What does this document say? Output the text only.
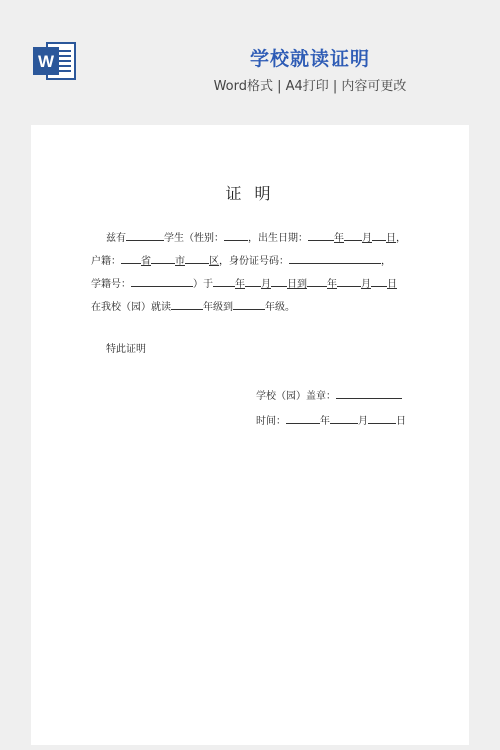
W	学校就读证明
Word格式 | A4打印 | 内容可更改
证 明
兹有	学生（性别： ，出生日期：	年 月 日，
户籍： 省 市 区，身份证号码：	，
学籍号：	）于 年 月 日到 年 月 日
在我校（园）就读	年级到	年级。
特此证明
学校（园）盖章：
时间：	年	月	日
